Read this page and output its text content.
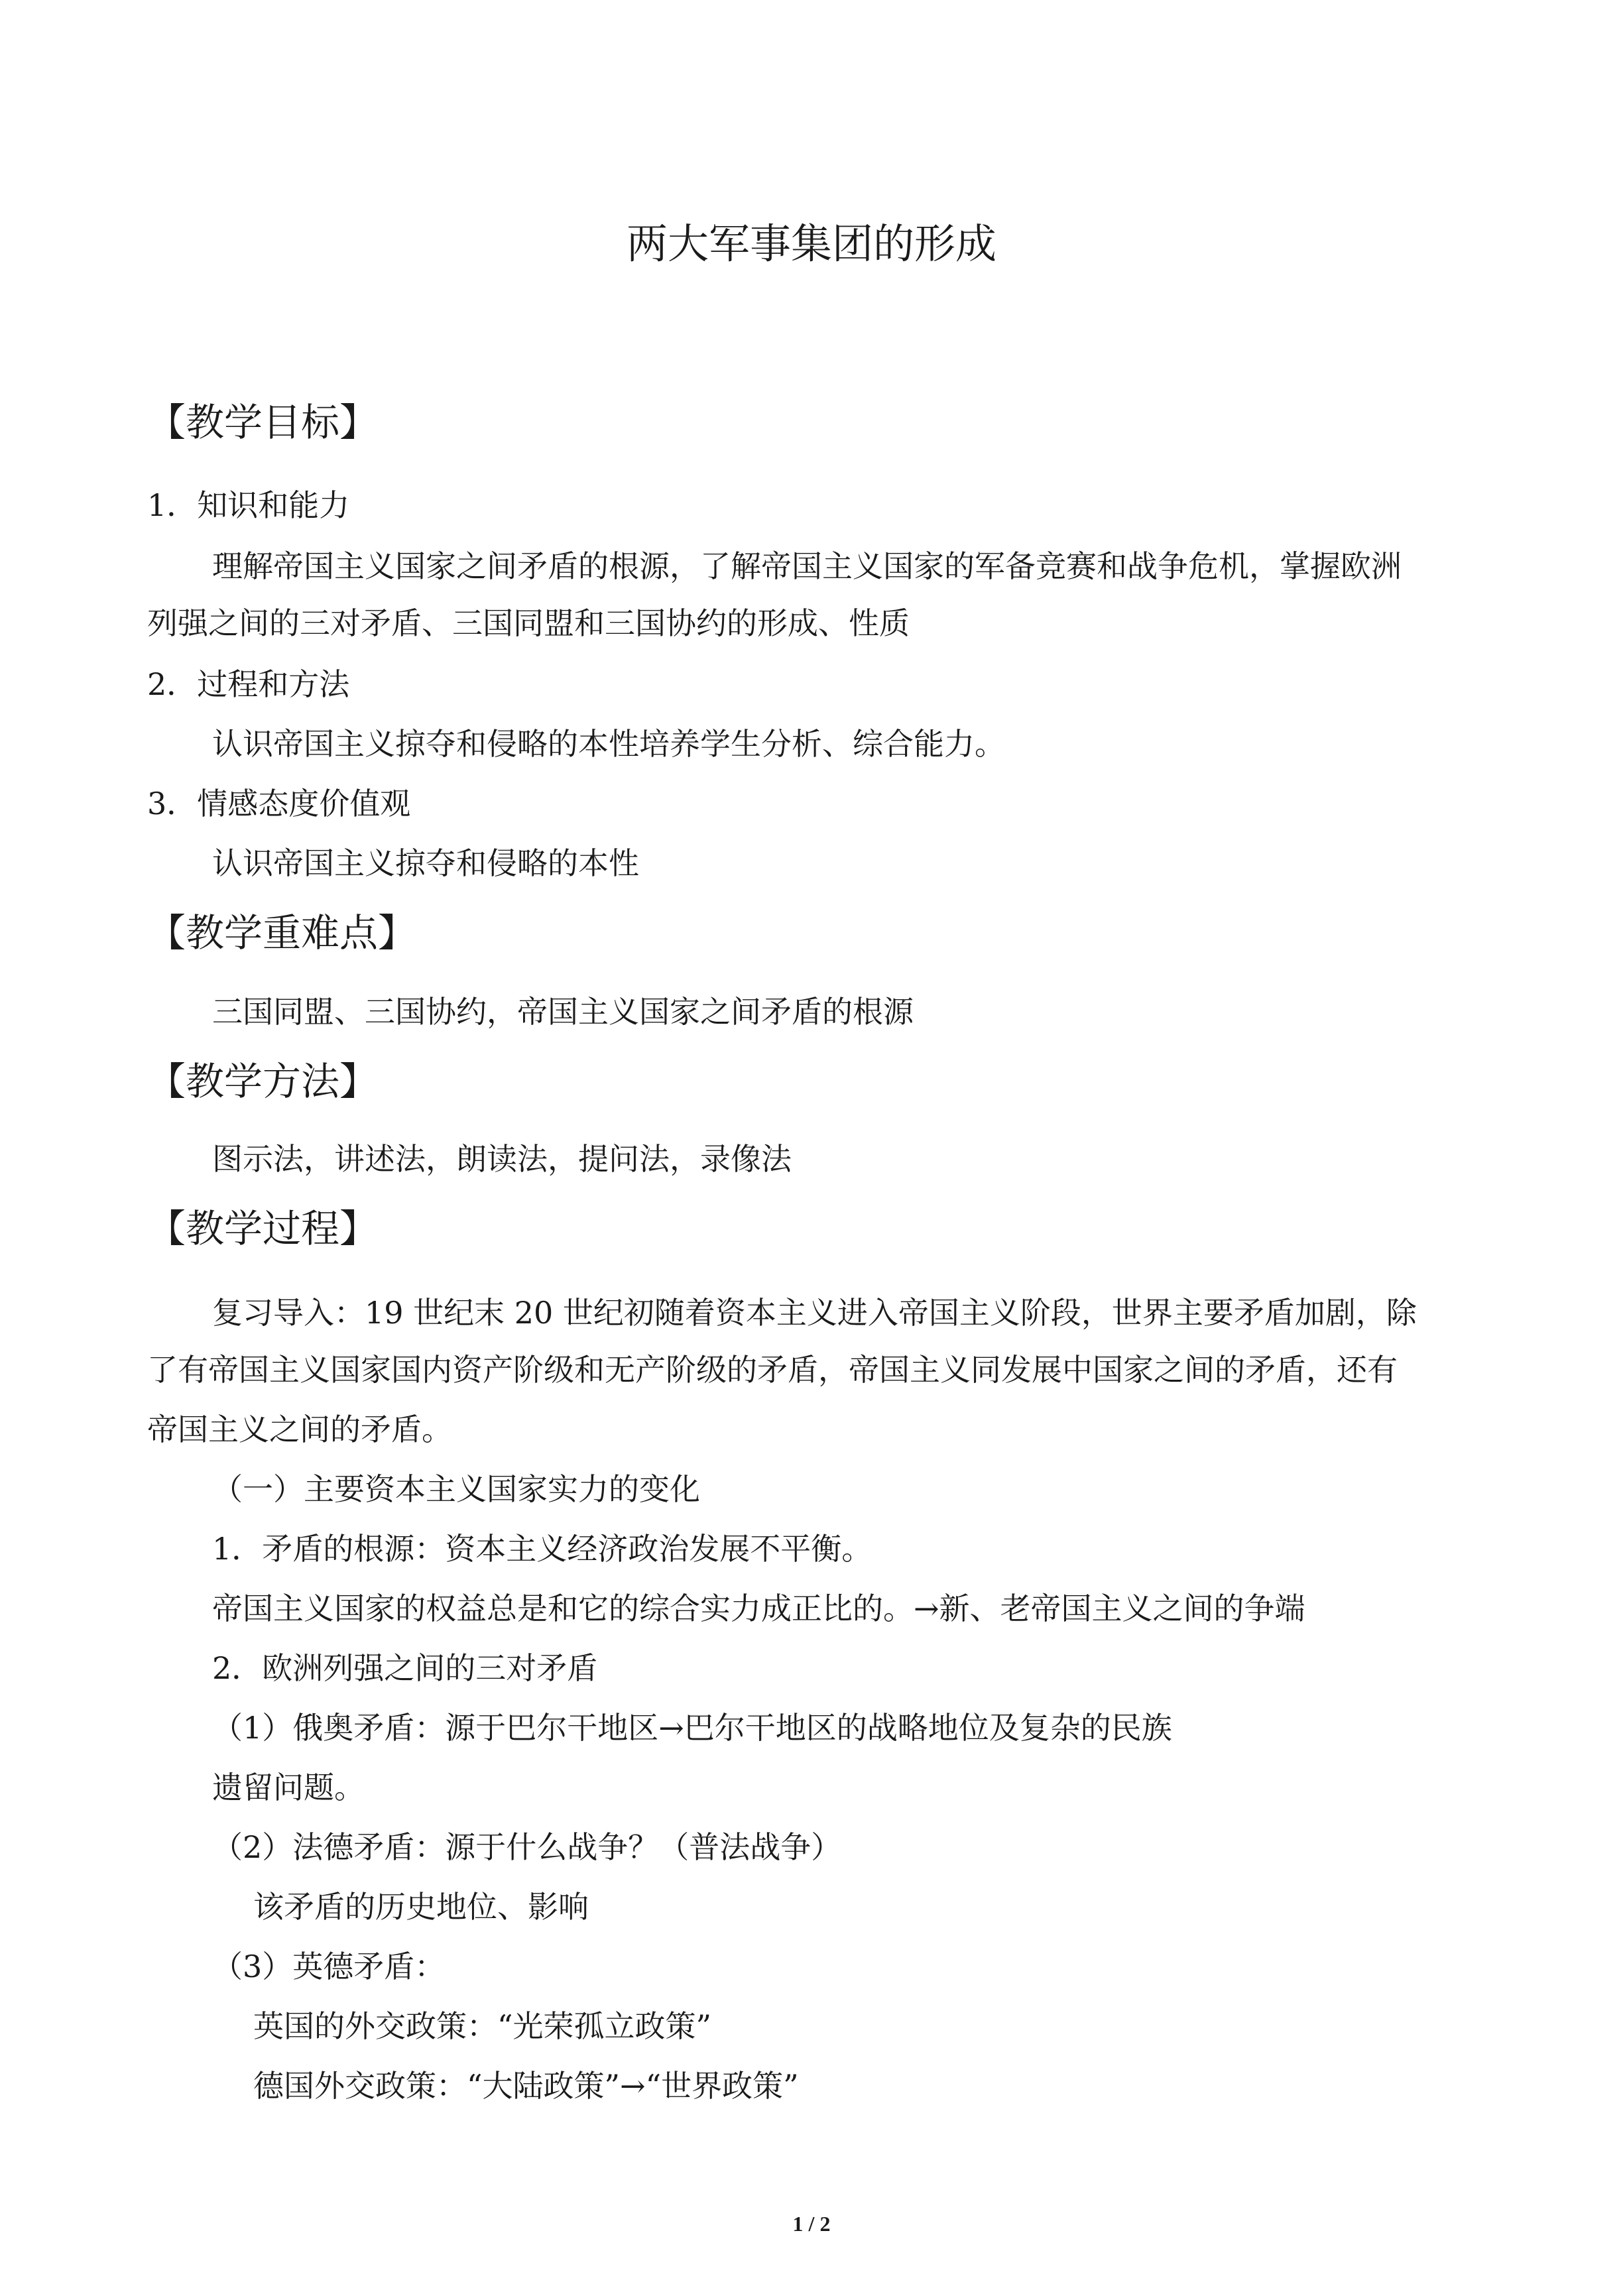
两大军事集团的形成
【教学目标】
1．知识和能力
理解帝国主义国家之间矛盾的根源，了解帝国主义国家的军备竞赛和战争危机，掌握欧洲
列强之间的三对矛盾、三国同盟和三国协约的形成、性质
2．过程和方法
认识帝国主义掠夺和侵略的本性培养学生分析、综合能力。
3．情感态度价值观
认识帝国主义掠夺和侵略的本性
【教学重难点】
三国同盟、三国协约，帝国主义国家之间矛盾的根源
【教学方法】
图示法，讲述法，朗读法，提问法，录像法
【教学过程】
复习导入：19 世纪末 20 世纪初随着资本主义进入帝国主义阶段，世界主要矛盾加剧，除
了有帝国主义国家国内资产阶级和无产阶级的矛盾，帝国主义同发展中国家之间的矛盾，还有
帝国主义之间的矛盾。
（一）主要资本主义国家实力的变化
1．矛盾的根源：资本主义经济政治发展不平衡。
帝国主义国家的权益总是和它的综合实力成正比的。→新、老帝国主义之间的争端
2．欧洲列强之间的三对矛盾
（1）俄奥矛盾：源于巴尔干地区→巴尔干地区的战略地位及复杂的民族
遗留问题。
（2）法德矛盾：源于什么战争？（普法战争）
该矛盾的历史地位、影响
（3）英德矛盾：
英国的外交政策：“光荣孤立政策”
德国外交政策：“大陆政策”→“世界政策”
1 / 2
